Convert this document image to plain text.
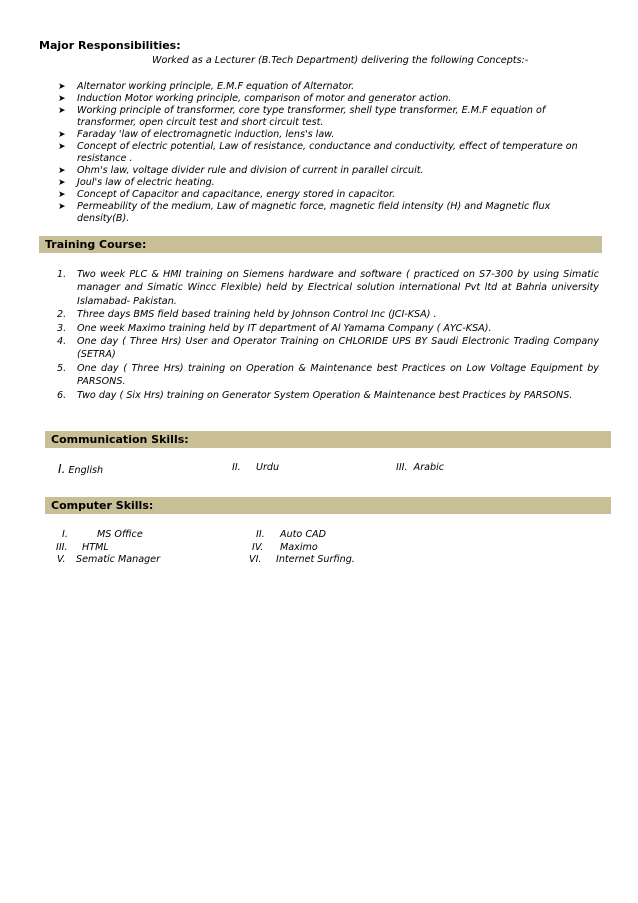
Major Responsibilities:
Worked as a Lecturer (B.Tech Department) delivering the following Concepts:-
➤ Alternator working principle, E.M.F equation of Alternator.
➤ Induction Motor working principle, comparison of motor and generator action.
➤ Working principle of transformer, core type transformer, shell type transformer, E.M.F equation of transformer, open circuit test and short circuit test.
➤ Faraday 'law of electromagnetic induction, lens's law.
➤ Concept of electric potential, Law of resistance, conductance and conductivity, effect of temperature on resistance .
➤ Ohm's law, voltage divider rule and division of current in parallel circuit.
➤ Joul's law of electric heating.
➤ Concept of Capacitor and capacitance, energy stored in capacitor.
➤ Permeability of the medium, Law of magnetic force, magnetic field intensity (H) and Magnetic flux density(B).
Training Course:
1. Two week PLC & HMI training on Siemens hardware and software ( practiced on S7-300 by using Simatic manager and Simatic Wincc Flexible) held by Electrical solution international Pvt ltd at Bahria university Islamabad- Pakistan.
2. Three days BMS field based training held by Johnson Control Inc (JCI-KSA) .
3. One week Maximo training held by IT department of Al Yamama Company ( AYC-KSA).
4. One day ( Three Hrs) User and Operator Training on CHLORIDE UPS BY Saudi Electronic Trading Company (SETRA)
5. One day ( Three Hrs) training on Operation & Maintenance best Practices on Low Voltage Equipment by PARSONS.
6. Two day ( Six Hrs) training on Generator System Operation & Maintenance best Practices by PARSONS.
Communication Skills:
I. English	II. Urdu	III. Arabic
Computer Skills:
I.	MS Office	II. Auto CAD
III. HTML	IV. Maximo
V. Sematic Manager	VI. Internet Surfing.
